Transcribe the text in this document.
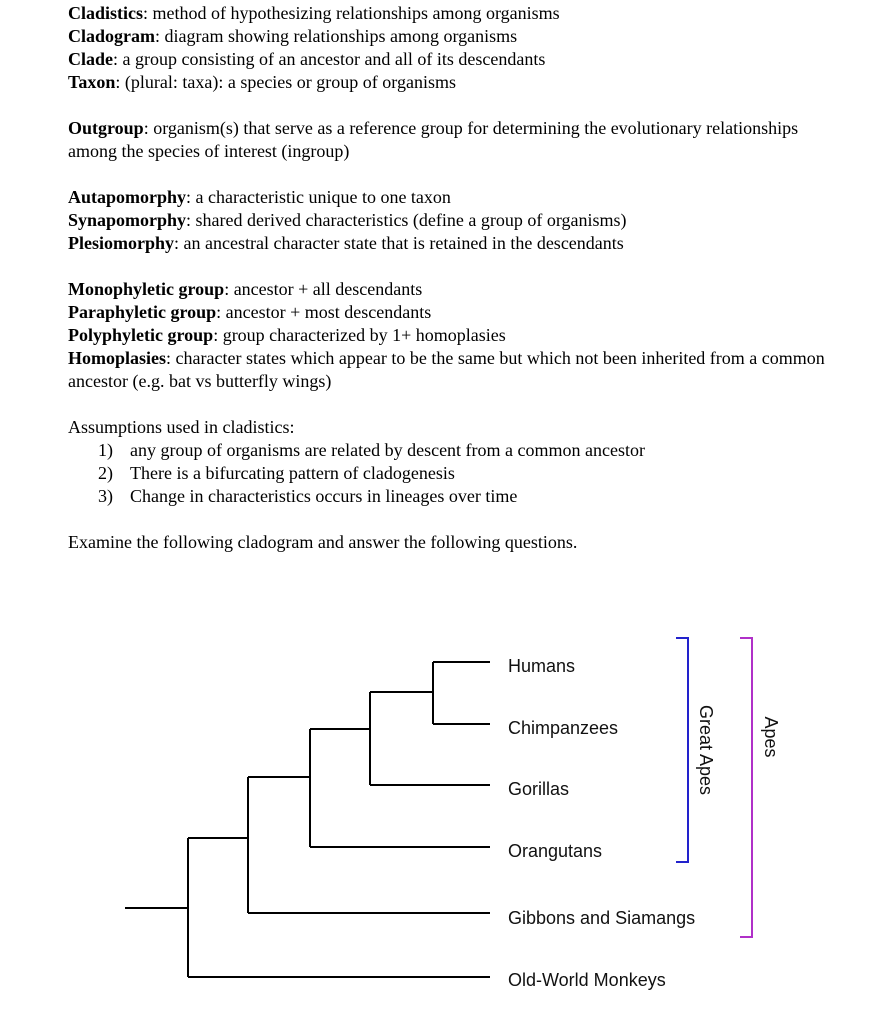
Cladistics: method of hypothesizing relationships among organisms

Cladogram: diagram showing relationships among organisms

Clade: a group consisting of an ancestor and all of its descendants

Taxon: (plural: taxa): a species or group of organisms

Outgroup: organism(s) that serve as a reference group for determining the evolutionary relationships among the species of interest (ingroup)

Autapomorphy: a characteristic unique to one taxon

Synapomorphy: shared derived characteristics (define a group of organisms)

Plesiomorphy: an ancestral character state that is retained in the descendants

Monophyletic group: ancestor + all descendants

Paraphyletic group: ancestor + most descendants

Polyphyletic group: group characterized by 1+ homoplasies

Homoplasies: character states which appear to be the same but which not been inherited from a common ancestor (e.g. bat vs butterfly wings)

Assumptions used in cladistics:

1) any group of organisms are related by descent from a common ancestor
2) There is a bifurcating pattern of cladogenesis
3) Change in characteristics occurs in lineages over time

Examine the following cladogram and answer the following questions.

Humans
Chimpanzees
Gorillas
Orangutans
Gibbons and Siamangs
Old-World Monkeys
Great Apes	Apes
